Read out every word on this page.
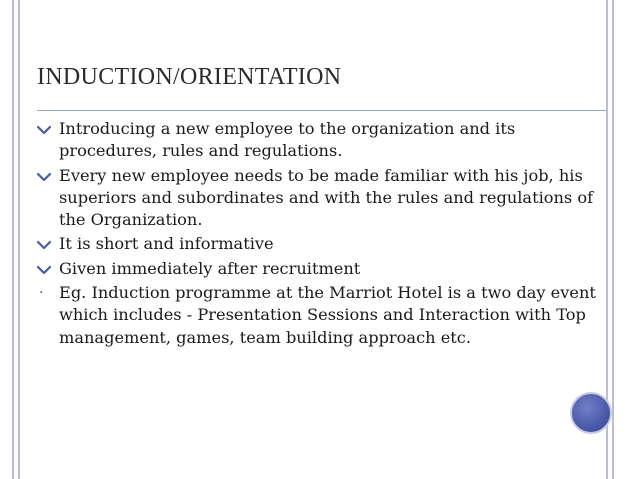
INDUCTION/ORIENTATION
Introducing a new employee to the organization and its procedures, rules and regulations.
Every new employee needs to be made familiar with his job, his superiors and subordinates and with the rules and regulations of the Organization.
It is short and informative
Given immediately after recruitment
· Eg. Induction programme at the Marriot Hotel is a two day event which includes - Presentation Sessions and Interaction with Top management, games, team building approach etc.
